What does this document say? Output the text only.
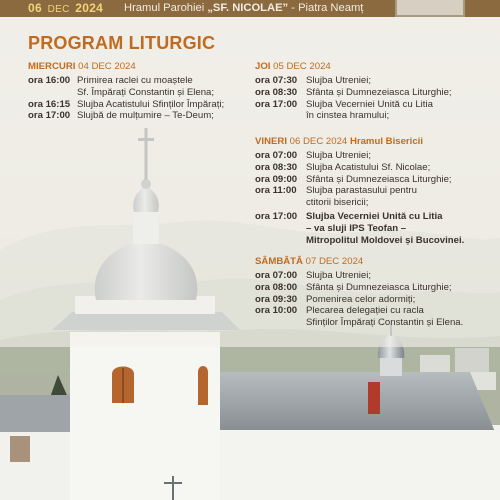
06 DEC 2024 Hramul Parohiei „SF. NICOLAE” - Piatra Neamț
PROGRAM LITURGIC
MIERCURI 04 DEC 2024
ora 16:00 Primirea raclei cu moaștele
Sf. Împărați Constantin și Elena;
ora 16:15 Slujba Acatistului Sfinților Împărați;
ora 17:00 Slujbă de mulțumire – Te-Deum;
JOI 05 DEC 2024
ora 07:30 Slujba Utreniei;
ora 08:30 Sfânta și Dumnezeiasca Liturghie;
ora 17:00 Slujba Vecerniei Unită cu Litia
în cinstea hramului;
VINERI 06 DEC 2024 Hramul Bisericii
ora 07:00 Slujba Utreniei;
ora 08:30 Slujba Acatistului Sf. Nicolae;
ora 09:00 Sfânta și Dumnezeiasca Liturghie;
ora 11:00 Slujba parastasului pentru
ctitorii bisericii;
ora 17:00 Slujba Vecerniei Unită cu Litia
– va sluji IPS Teofan –
Mitropolitul Moldovei și Bucovinei.
SÂMBĂTĂ 07 DEC 2024
ora 07:00 Slujba Utreniei;
ora 08:00 Sfânta și Dumnezeiasca Liturghie;
ora 09:30 Pomenirea celor adormiți;
ora 10:00 Plecarea delegației cu racla
Sfinților Împărați Constantin și Elena.
